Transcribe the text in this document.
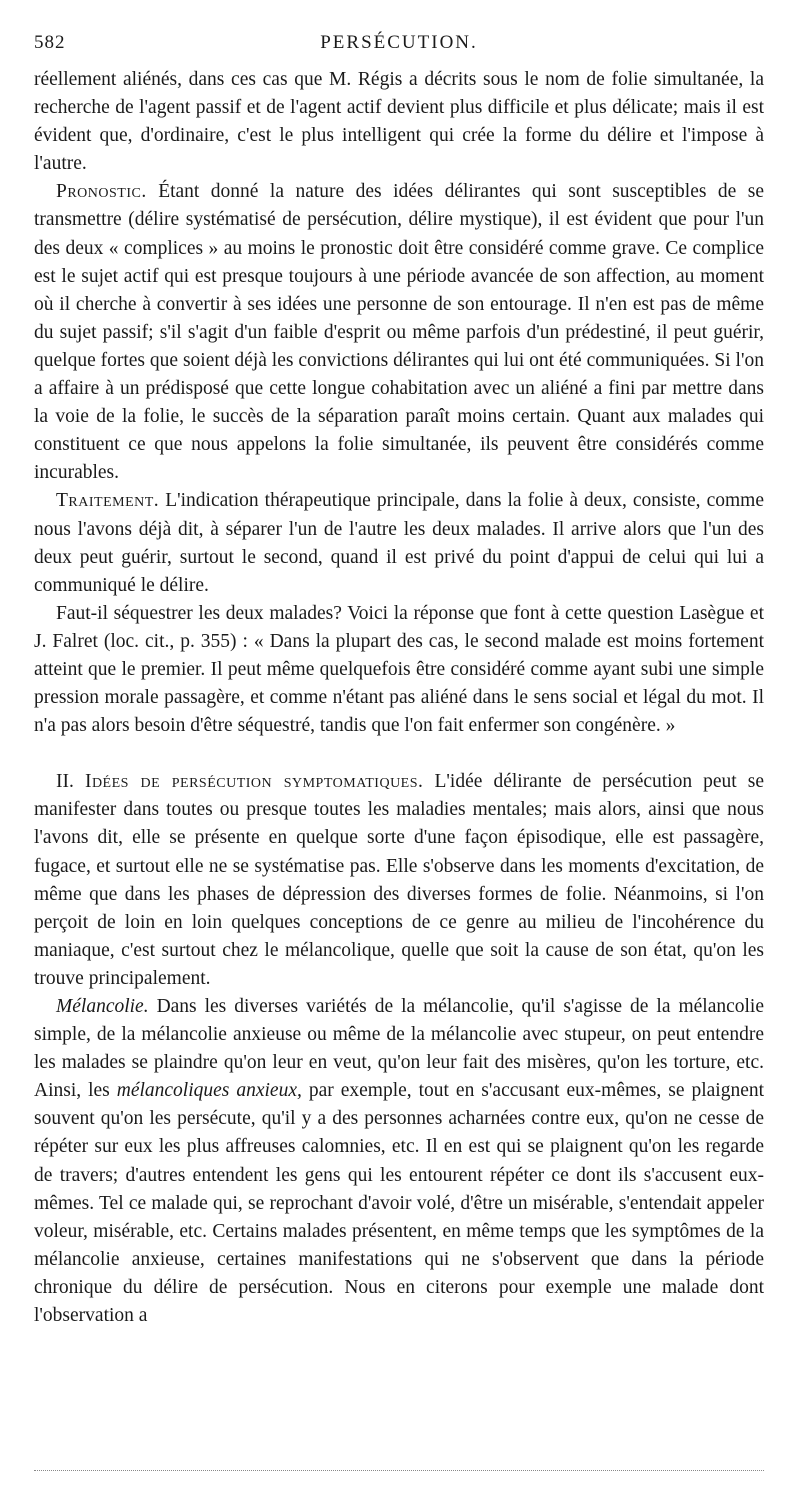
582	PERSÉCUTION.

réellement aliénés, dans ces cas que M. Régis a décrits sous le nom de folie simultanée, la recherche de l'agent passif et de l'agent actif devient plus difficile et plus délicate; mais il est évident que, d'ordinaire, c'est le plus intelligent qui crée la forme du délire et l'impose à l'autre.

Pronostic. Étant donné la nature des idées délirantes qui sont susceptibles de se transmettre (délire systématisé de persécution, délire mystique), il est évident que pour l'un des deux « complices » au moins le pronostic doit être considéré comme grave. Ce complice est le sujet actif qui est presque toujours à une période avancée de son affection, au moment où il cherche à convertir à ses idées une personne de son entourage. Il n'en est pas de même du sujet passif; s'il s'agit d'un faible d'esprit ou même parfois d'un prédestiné, il peut guérir, quelque fortes que soient déjà les convictions délirantes qui lui ont été communiquées. Si l'on a affaire à un prédisposé que cette longue cohabitation avec un aliéné a fini par mettre dans la voie de la folie, le succès de la séparation paraît moins certain. Quant aux malades qui constituent ce que nous appelons la folie simultanée, ils peuvent être considérés comme incurables.

Traitement. L'indication thérapeutique principale, dans la folie à deux, consiste, comme nous l'avons déjà dit, à séparer l'un de l'autre les deux malades. Il arrive alors que l'un des deux peut guérir, surtout le second, quand il est privé du point d'appui de celui qui lui a communiqué le délire.

Faut-il séquestrer les deux malades? Voici la réponse que font à cette question Lasègue et J. Falret (loc. cit., p. 355) : « Dans la plupart des cas, le second malade est moins fortement atteint que le premier. Il peut même quelquefois être considéré comme ayant subi une simple pression morale passagère, et comme n'étant pas aliéné dans le sens social et légal du mot. Il n'a pas alors besoin d'être séquestré, tandis que l'on fait enfermer son congénère. »

II. Idées de persécution symptomatiques. L'idée délirante de persécution peut se manifester dans toutes ou presque toutes les maladies mentales; mais alors, ainsi que nous l'avons dit, elle se présente en quelque sorte d'une façon épisodique, elle est passagère, fugace, et surtout elle ne se systématise pas. Elle s'observe dans les moments d'excitation, de même que dans les phases de dépression des diverses formes de folie. Néanmoins, si l'on perçoit de loin en loin quelques conceptions de ce genre au milieu de l'incohérence du maniaque, c'est surtout chez le mélancolique, quelle que soit la cause de son état, qu'on les trouve principalement.

Mélancolie. Dans les diverses variétés de la mélancolie, qu'il s'agisse de la mélancolie simple, de la mélancolie anxieuse ou même de la mélancolie avec stupeur, on peut entendre les malades se plaindre qu'on leur en veut, qu'on leur fait des misères, qu'on les torture, etc. Ainsi, les mélancoliques anxieux, par exemple, tout en s'accusant eux-mêmes, se plaignent souvent qu'on les persécute, qu'il y a des personnes acharnées contre eux, qu'on ne cesse de répéter sur eux les plus affreuses calomnies, etc. Il en est qui se plaignent qu'on les regarde de travers; d'autres entendent les gens qui les entourent répéter ce dont ils s'accusent eux-mêmes. Tel ce malade qui, se reprochant d'avoir volé, d'être un misérable, s'entendait appeler voleur, misérable, etc. Certains malades présentent, en même temps que les symptômes de la mélancolie anxieuse, certaines manifestations qui ne s'observent que dans la période chronique du délire de persécution. Nous en citerons pour exemple une malade dont l'observation a
